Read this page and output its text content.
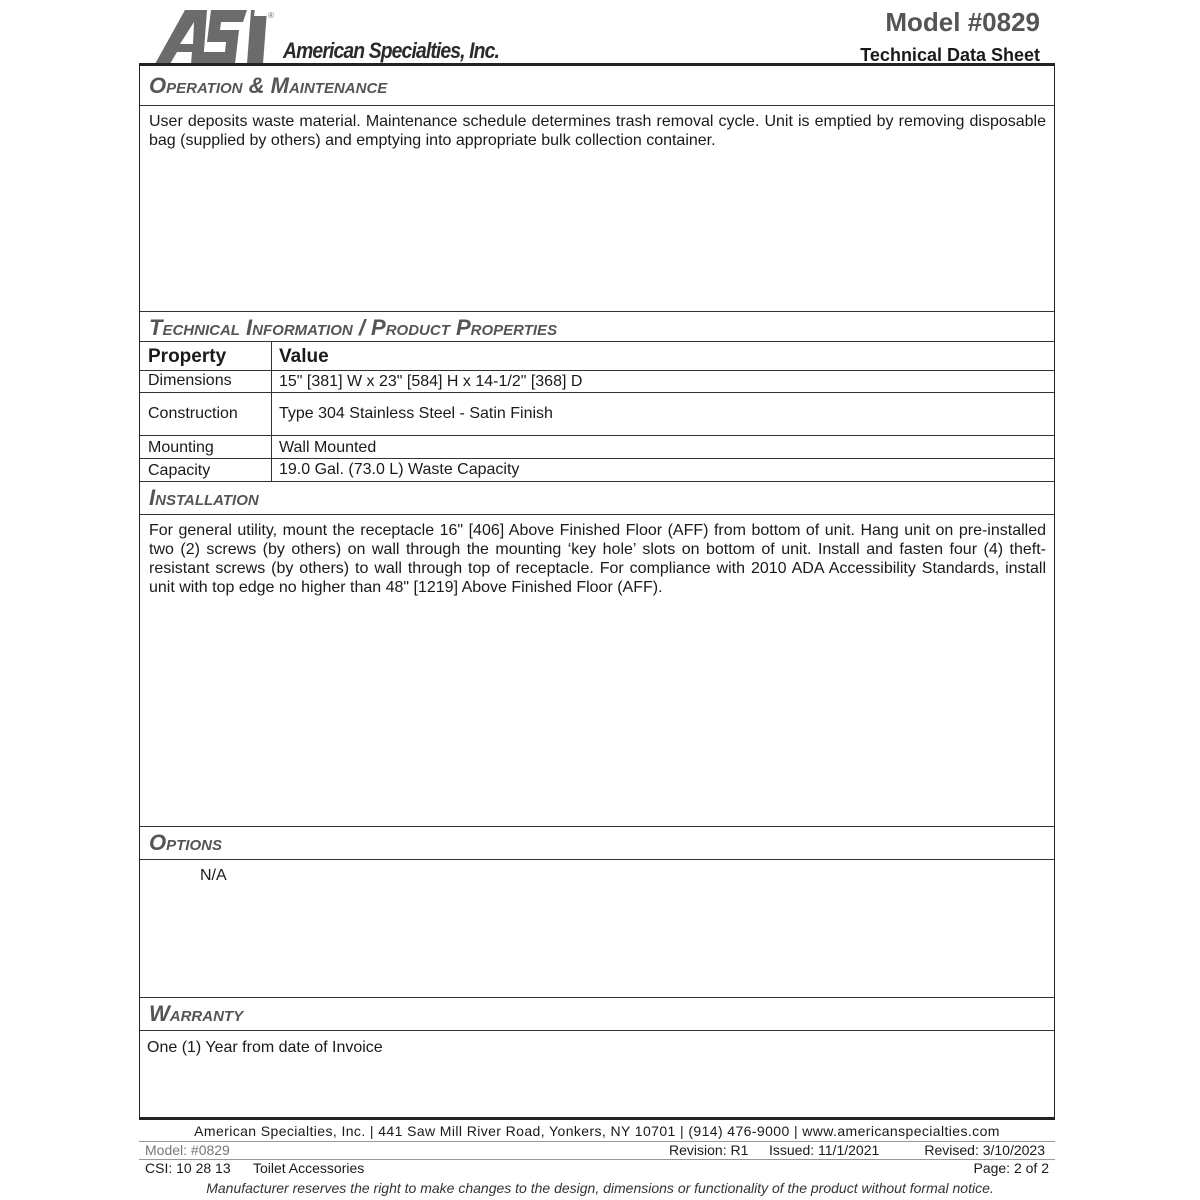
®
American Specialties, Inc.
Model #0829
Technical Data Sheet
Operation & Maintenance
User deposits waste material. Maintenance schedule determines trash removal cycle. Unit is emptied by removing disposable bag (supplied by others) and emptying into appropriate bulk collection container.
Technical Information / Product Properties
Property	Value
Dimensions	15" [381] W x 23" [584] H x 14-1/2" [368] D
Construction	Type 304 Stainless Steel - Satin Finish
Mounting	Wall Mounted
Capacity	19.0 Gal. (73.0 L) Waste Capacity
Installation
For general utility, mount the receptacle 16" [406] Above Finished Floor (AFF) from bottom of unit. Hang unit on pre-installed two (2) screws (by others) on wall through the mounting ‘key hole’ slots on bottom of unit. Install and fasten four (4) theft-resistant screws (by others) to wall through top of receptacle. For compliance with 2010 ADA Accessibility Standards, install unit with top edge no higher than 48" [1219] Above Finished Floor (AFF).
Options
N/A
Warranty
One (1) Year from date of Invoice
American Specialties, Inc. | 441 Saw Mill River Road, Yonkers, NY 10701 | (914) 476-9000 | www.americanspecialties.com
Model: #0829	Revision: R1 Issued: 11/1/2021	Revised: 3/10/2023
CSI: 10 28 13 Toilet Accessories	Page: 2 of 2
Manufacturer reserves the right to make changes to the design, dimensions or functionality of the product without formal notice.
